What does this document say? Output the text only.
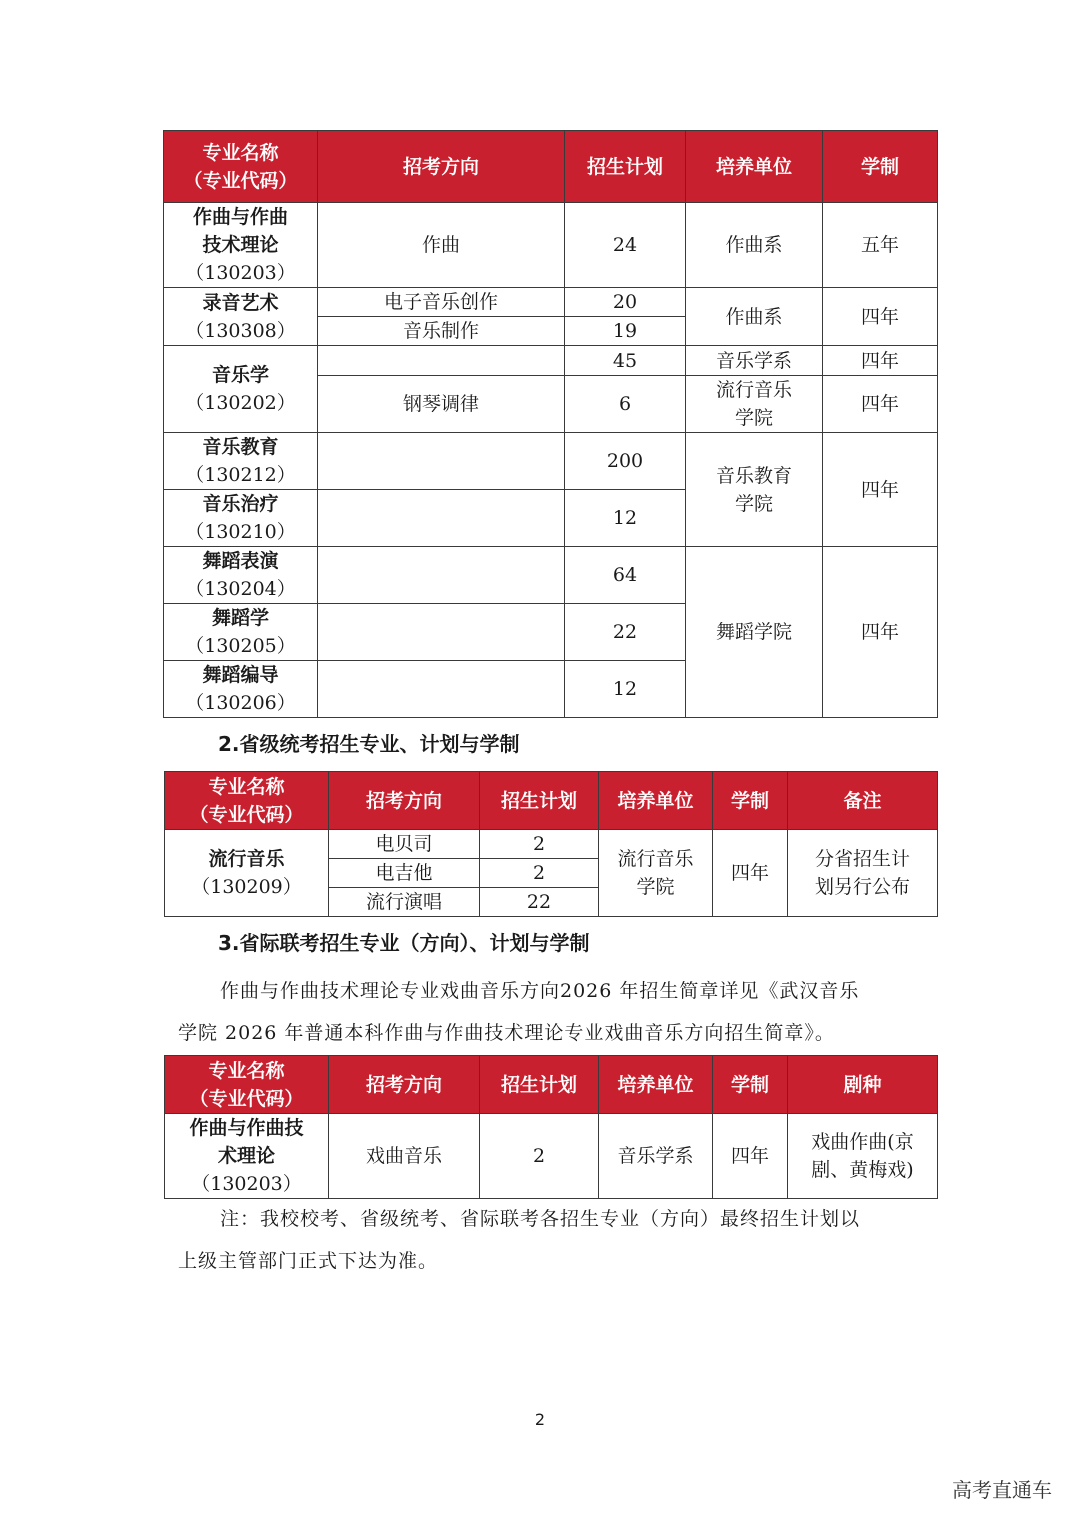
专业名称
（专业代码）	招考方向	招生计划	培养单位	学制

作曲与作曲
技术理论
（130203）	作曲	24	作曲系	五年

录音艺术
（130308）	电子音乐创作	20	作曲系	四年
	音乐制作	19		

音乐学
（130202）		45	音乐学系	四年
	钢琴调律	6	流行音乐
学院	四年

音乐教育
（130212）		200	音乐教育
学院	四年

音乐治疗
（130210）		12		

舞蹈表演
（130204）		64	舞蹈学院	四年

舞蹈学
（130205）		22		

舞蹈编导
（130206）		12		
2.省级统考招生专业、计划与学制
专业名称
（专业代码）	招考方向	招生计划	培养单位	学制	备注

流行音乐
（130209）	电贝司	2	流行音乐
学院	四年	分省招生计
划另行公布

	电吉他	2			
	流行演唱	22			
3.省际联考招生专业（方向）、计划与学制
作曲与作曲技术理论专业戏曲音乐方向2026 年招生简章详见《武汉音乐
学院 2026 年普通本科作曲与作曲技术理论专业戏曲音乐方向招生简章》。
专业名称
（专业代码）	招考方向	招生计划	培养单位	学制	剧种

作曲与作曲技
术理论
（130203）	戏曲音乐	2	音乐学系	四年	戏曲作曲(京
剧、黄梅戏)
注：我校校考、省级统考、省际联考各招生专业（方向）最终招生计划以
上级主管部门正式下达为准。
2
高考直通车
